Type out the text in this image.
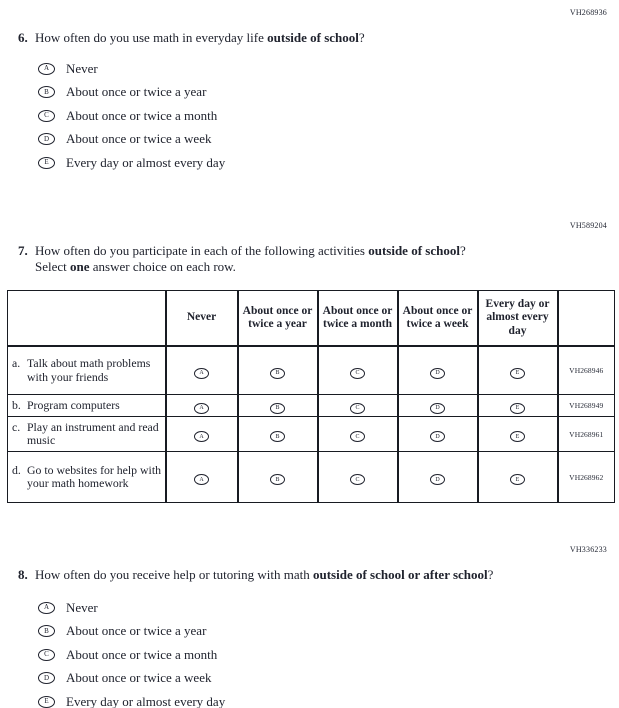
VH268936
6. How often do you use math in everyday life outside of school?
A	Never
B	About once or twice a year
C	About once or twice a month
D	About once or twice a week
E	Every day or almost every day
VH589204
7. How often do you participate in each of the following activities outside of school? Select one answer choice on each row.
	Never	About once or twice a year	About once or twice a month	About once or twice a week	Every day or almost every day	

a. Talk about math problems with your friends	A	B	C	D	E	VH268946

b. Program computers	A	B	C	D	E	VH268949

c. Play an instrument and read music	A	B	C	D	E	VH268961

d. Go to websites for help with your math homework	A	B	C	D	E	VH268962
VH336233
8. How often do you receive help or tutoring with math outside of school or after school?
A	Never
B	About once or twice a year
C	About once or twice a month
D	About once or twice a week
E	Every day or almost every day
